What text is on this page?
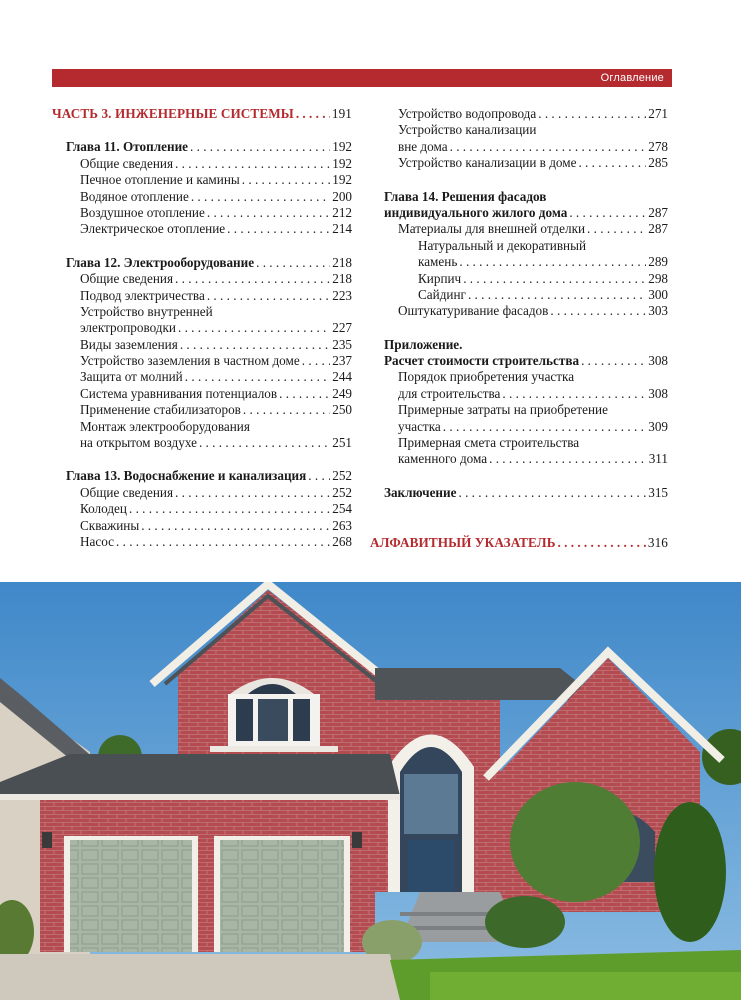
Оглавление
ЧАСТЬ 3. ИНЖЕНЕРНЫЕ СИСТЕМЫ . . .	191
Глава 11. Отопление . . .	192
Общие сведения . . .	192
Печное отопление и камины . . .	192
Водяное отопление . . .	200
Воздушное отопление . . .	212
Электрическое отопление . . .	214
Глава 12. Электрооборудование . . .	218
Общие сведения . . .	218
Подвод электричества . . .	223
Устройство внутренней
электропроводки . . .	227
Виды заземления . . .	235
Устройство заземления в частном доме . . . 237
Защита от молний . . .	244
Система уравнивания потенциалов . . .	249
Применение стабилизаторов . . .	250
Монтаж электрооборудования
на открытом воздухе . . .	251
Глава 13. Водоснабжение и канализация . . . 252
Общие сведения . . .	252
Колодец . . .	254
Скважины . . .	263
Насос . . .	268
Устройство водопровода . . .	271
Устройство канализации
вне дома . . .	278
Устройство канализации в доме . . .	285
Глава 14. Решения фасадов
индивидуального жилого дома . . .	287
Материалы для внешней отделки . . .	287
Натуральный и декоративный
камень . . .	289
Кирпич . . .	298
Сайдинг . . .	300
Оштукатуривание фасадов . . .	303
Приложение.
Расчет стоимости строительства . . .	308
Порядок приобретения участка
для строительства . . .	308
Примерные затраты на приобретение
участка . . .	309
Примерная смета строительства
каменного дома . . .	311
Заключение . . .	315
АЛФАВИТНЫЙ УКАЗАТЕЛЬ . . .	316
